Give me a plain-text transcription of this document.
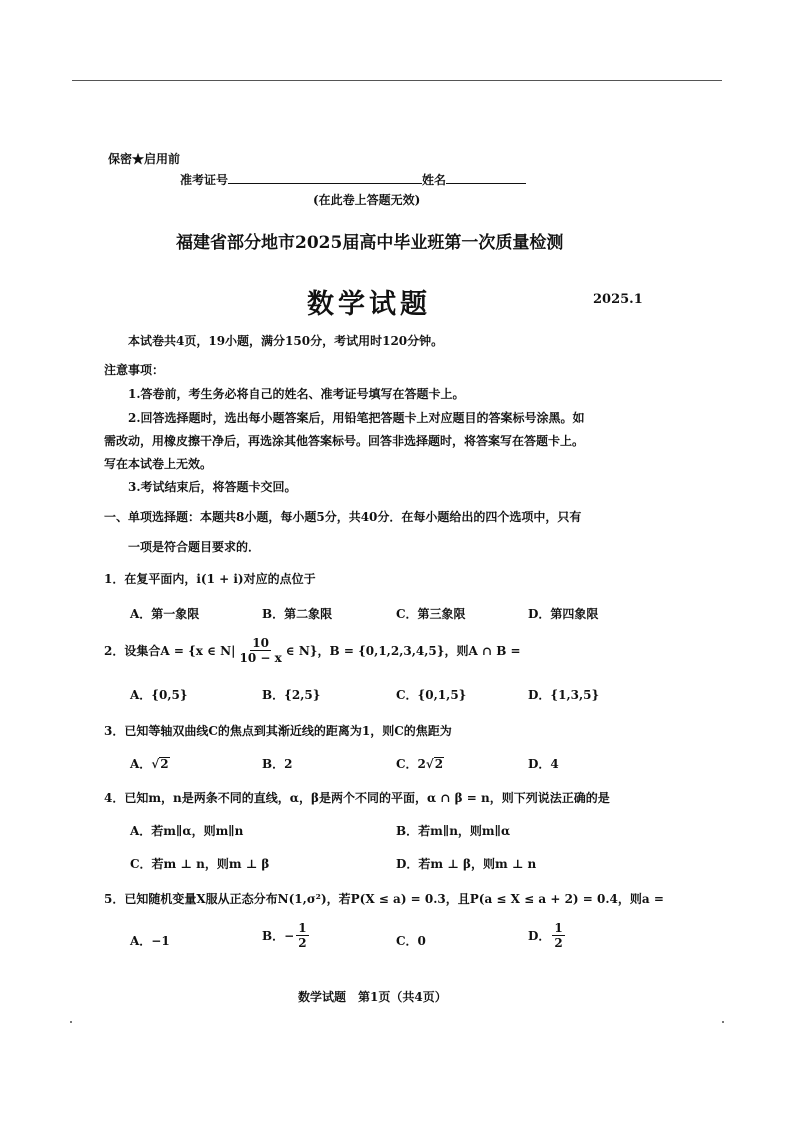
保密★启用前
准考证号	姓名
(在此卷上答题无效)
福建省部分地市2025届高中毕业班第一次质量检测
数学试题	2025.1
本试卷共4页，19小题，满分150分，考试用时120分钟。
注意事项：
1.答卷前，考生务必将自己的姓名、准考证号填写在答题卡上。
2.回答选择题时，选出每小题答案后，用铅笔把答题卡上对应题目的答案标号涂黑。如
需改动，用橡皮擦干净后，再选涂其他答案标号。回答非选择题时，将答案写在答题卡上。
写在本试卷上无效。
3.考试结束后，将答题卡交回。
一、单项选择题：本题共8小题，每小题5分，共40分．在每小题给出的四个选项中，只有
一项是符合题目要求的．
1．在复平面内，i(1 + i)对应的点位于
A．第一象限	B．第二象限	C．第三象限	D．第四象限
2．设集合A = {x ∈ $N| \frac{10}{10 - x}$ ∈ N}，B = {0,1,2,3,4,5}，则A ∩ B =
A．{0,5}	B．{2,5}	C．{0,1,5}	D．{1,3,5}
3．已知等轴双曲线C的焦点到其渐近线的距离为1，则C的焦距为
A． √ 2	B．2	C．2 √ 2	D．4
4．已知m，n是两条不同的直线，α，β是两个不同的平面，α ∩ β = n，则下列说法正确的是
A．若m∥α，则m∥n	B．若m∥n，则m∥α
C．若m ⊥ n，则m ⊥ β	D．若m ⊥ β，则m ⊥ n
5．已知随机变量X服从正态分布N(1,σ²)，若P(X ≤ a) = 0.3，且P(a ≤ X ≤ a + 2) = 0.4，则a =
A．−1	B．− $\frac{1}{2}$	C．0	D． $\frac{1}{2}$
数学试题　第1页（共4页）
